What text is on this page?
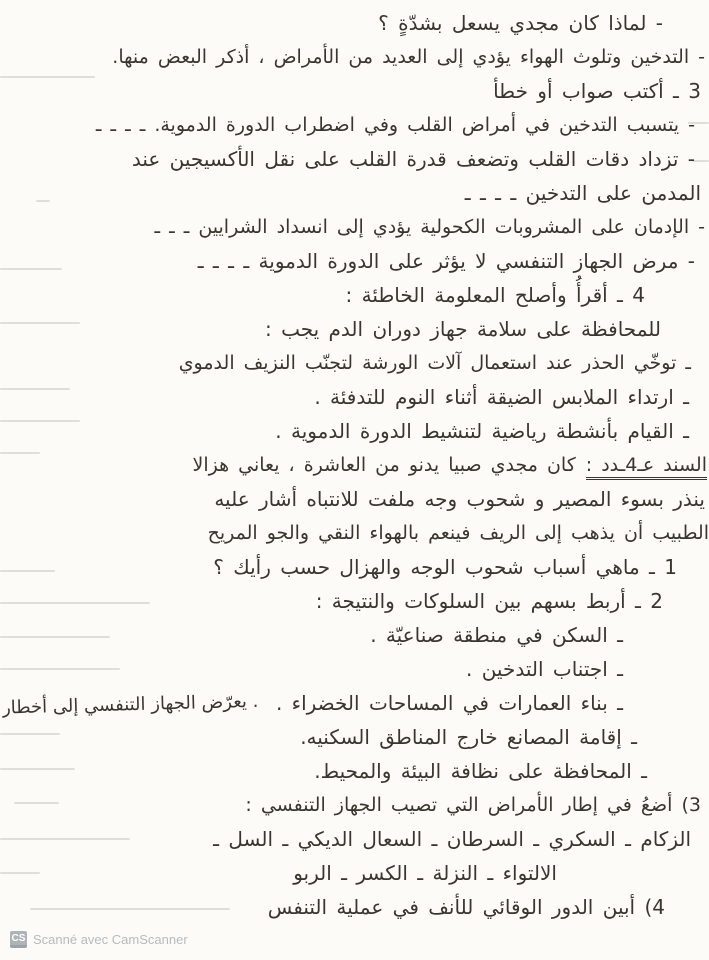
- لماذا كان مجدي يسعل بشدّةٍ ؟
- التدخين وتلوث الهواء يؤدي إلى العديد من الأمراض ، أذكر البعض منها.
3 ـ أكتب صواب أو خطأ
- يتسبب التدخين في أمراض القلب وفي اضطراب الدورة الدموية. ـ ـ ـ ـ
- تزداد دقات القلب وتضعف قدرة القلب على نقل الأكسيجين عند
المدمن على التدخين ـ ـ ـ ـ
- الإدمان على المشروبات الكحولية يؤدي إلى انسداد الشرايين ـ ـ ـ
- مرض الجهاز التنفسي لا يؤثر على الدورة الدموية ـ ـ ـ ـ
4 ـ أقرأُ وأصلح المعلومة الخاطئة :
للمحافظة على سلامة جهاز دوران الدم يجب :
ـ توخّي الحذر عند استعمال آلات الورشة لتجنّب النزيف الدموي
ـ ارتداء الملابس الضيقة أثناء النوم للتدفئة .
ـ القيام بأنشطة رياضية لتنشيط الدورة الدموية .
السند عـ4ـدد :كان مجدي صبيا يدنو من العاشرة ، يعاني هزالا
ينذر بسوء المصير و شحوب وجه ملفت للانتباه أشار عليه
الطبيب أن يذهب إلى الريف فينعم بالهواء النقي والجو المريح
1 ـ ماهي أسباب شحوب الوجه والهزال حسب رأيك ؟
2 ـ أربط بسهم بين السلوكات والنتيجة :
ـ السكن في منطقة صناعيّة .
ـ اجتناب التدخين .
ـ بناء العمارات في المساحات الخضراء .
ـ إقامة المصانع خارج المناطق السكنيه.
ـ المحافظة على نظافة البيئة والمحيط.
3) أضعُ في إطار الأمراض التي تصيب الجهاز التنفسي :
الزكام ـ السكري ـ السرطان ـ السعال الديكي ـ السل ـ
الالتواء ـ النزلة ـ الكسر ـ الربو
4) أبين الدور الوقائي للأنف في عملية التنفس
. يعرّض الجهاز التنفسي إلى أخطار
CS Scanné avec CamScanner
